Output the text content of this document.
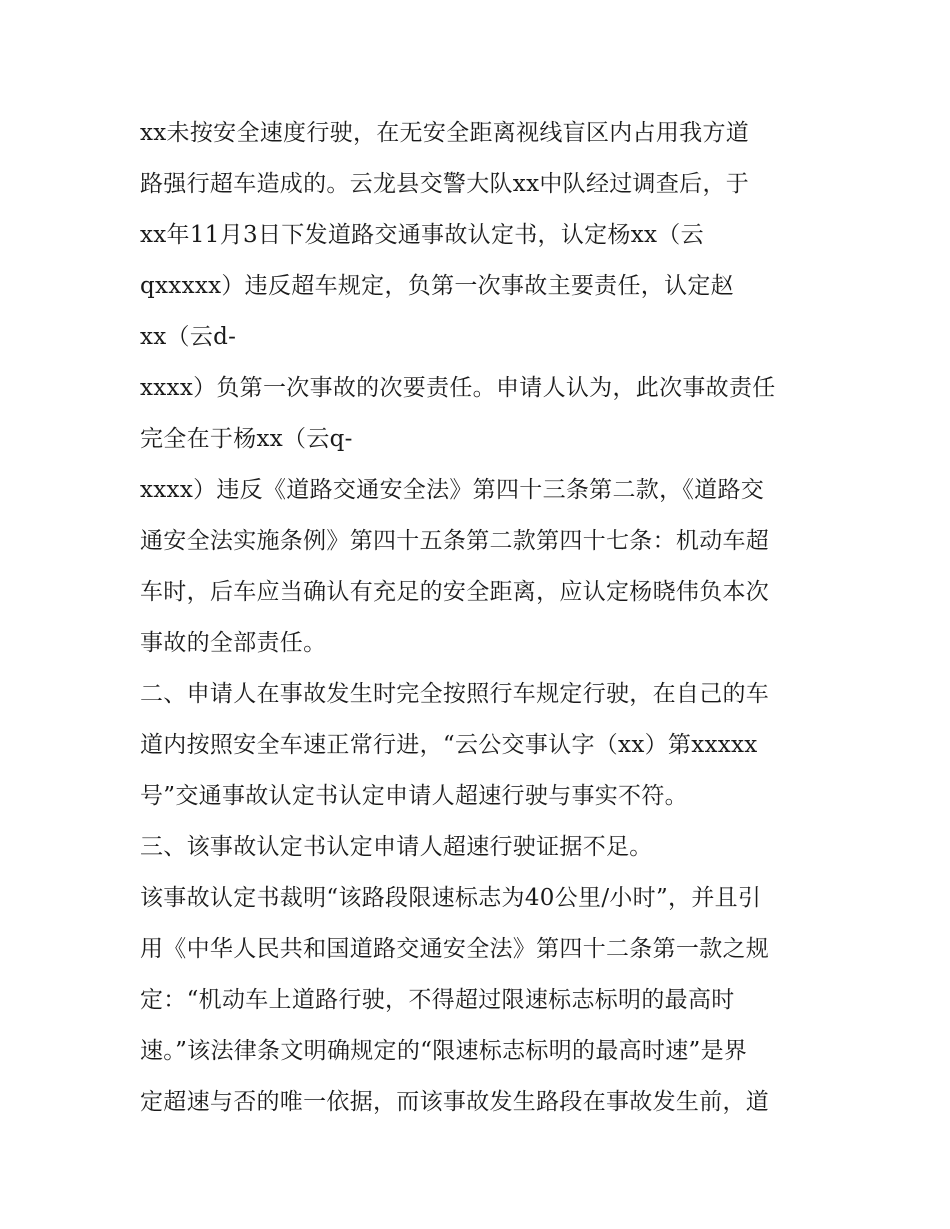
xx未按安全速度行驶，在无安全距离视线盲区内占用我方道
路强行超车造成的。云龙县交警大队xx中队经过调查后，于
xx年11月3日下发道路交通事故认定书，认定杨xx（云
qxxxxx）违反超车规定，负第一次事故主要责任，认定赵
xx（云d-
xxxx）负第一次事故的次要责任。申请人认为，此次事故责任
完全在于杨xx（云q-
xxxx）违反《道路交通安全法》第四十三条第二款，《道路交
通安全法实施条例》第四十五条第二款第四十七条：机动车超
车时，后车应当确认有充足的安全距离，应认定杨晓伟负本次
事故的全部责任。
二、申请人在事故发生时完全按照行车规定行驶，在自己的车
道内按照安全车速正常行进，“云公交事认字（xx）第xxxxx
号”交通事故认定书认定申请人超速行驶与事实不符。
三、该事故认定书认定申请人超速行驶证据不足。
该事故认定书裁明“该路段限速标志为40公里/小时”，并且引
用《中华人民共和国道路交通安全法》第四十二条第一款之规
定：“机动车上道路行驶，不得超过限速标志标明的最高时
速。”该法律条文明确规定的“限速标志标明的最高时速”是界
定超速与否的唯一依据，而该事故发生路段在事故发生前，道
